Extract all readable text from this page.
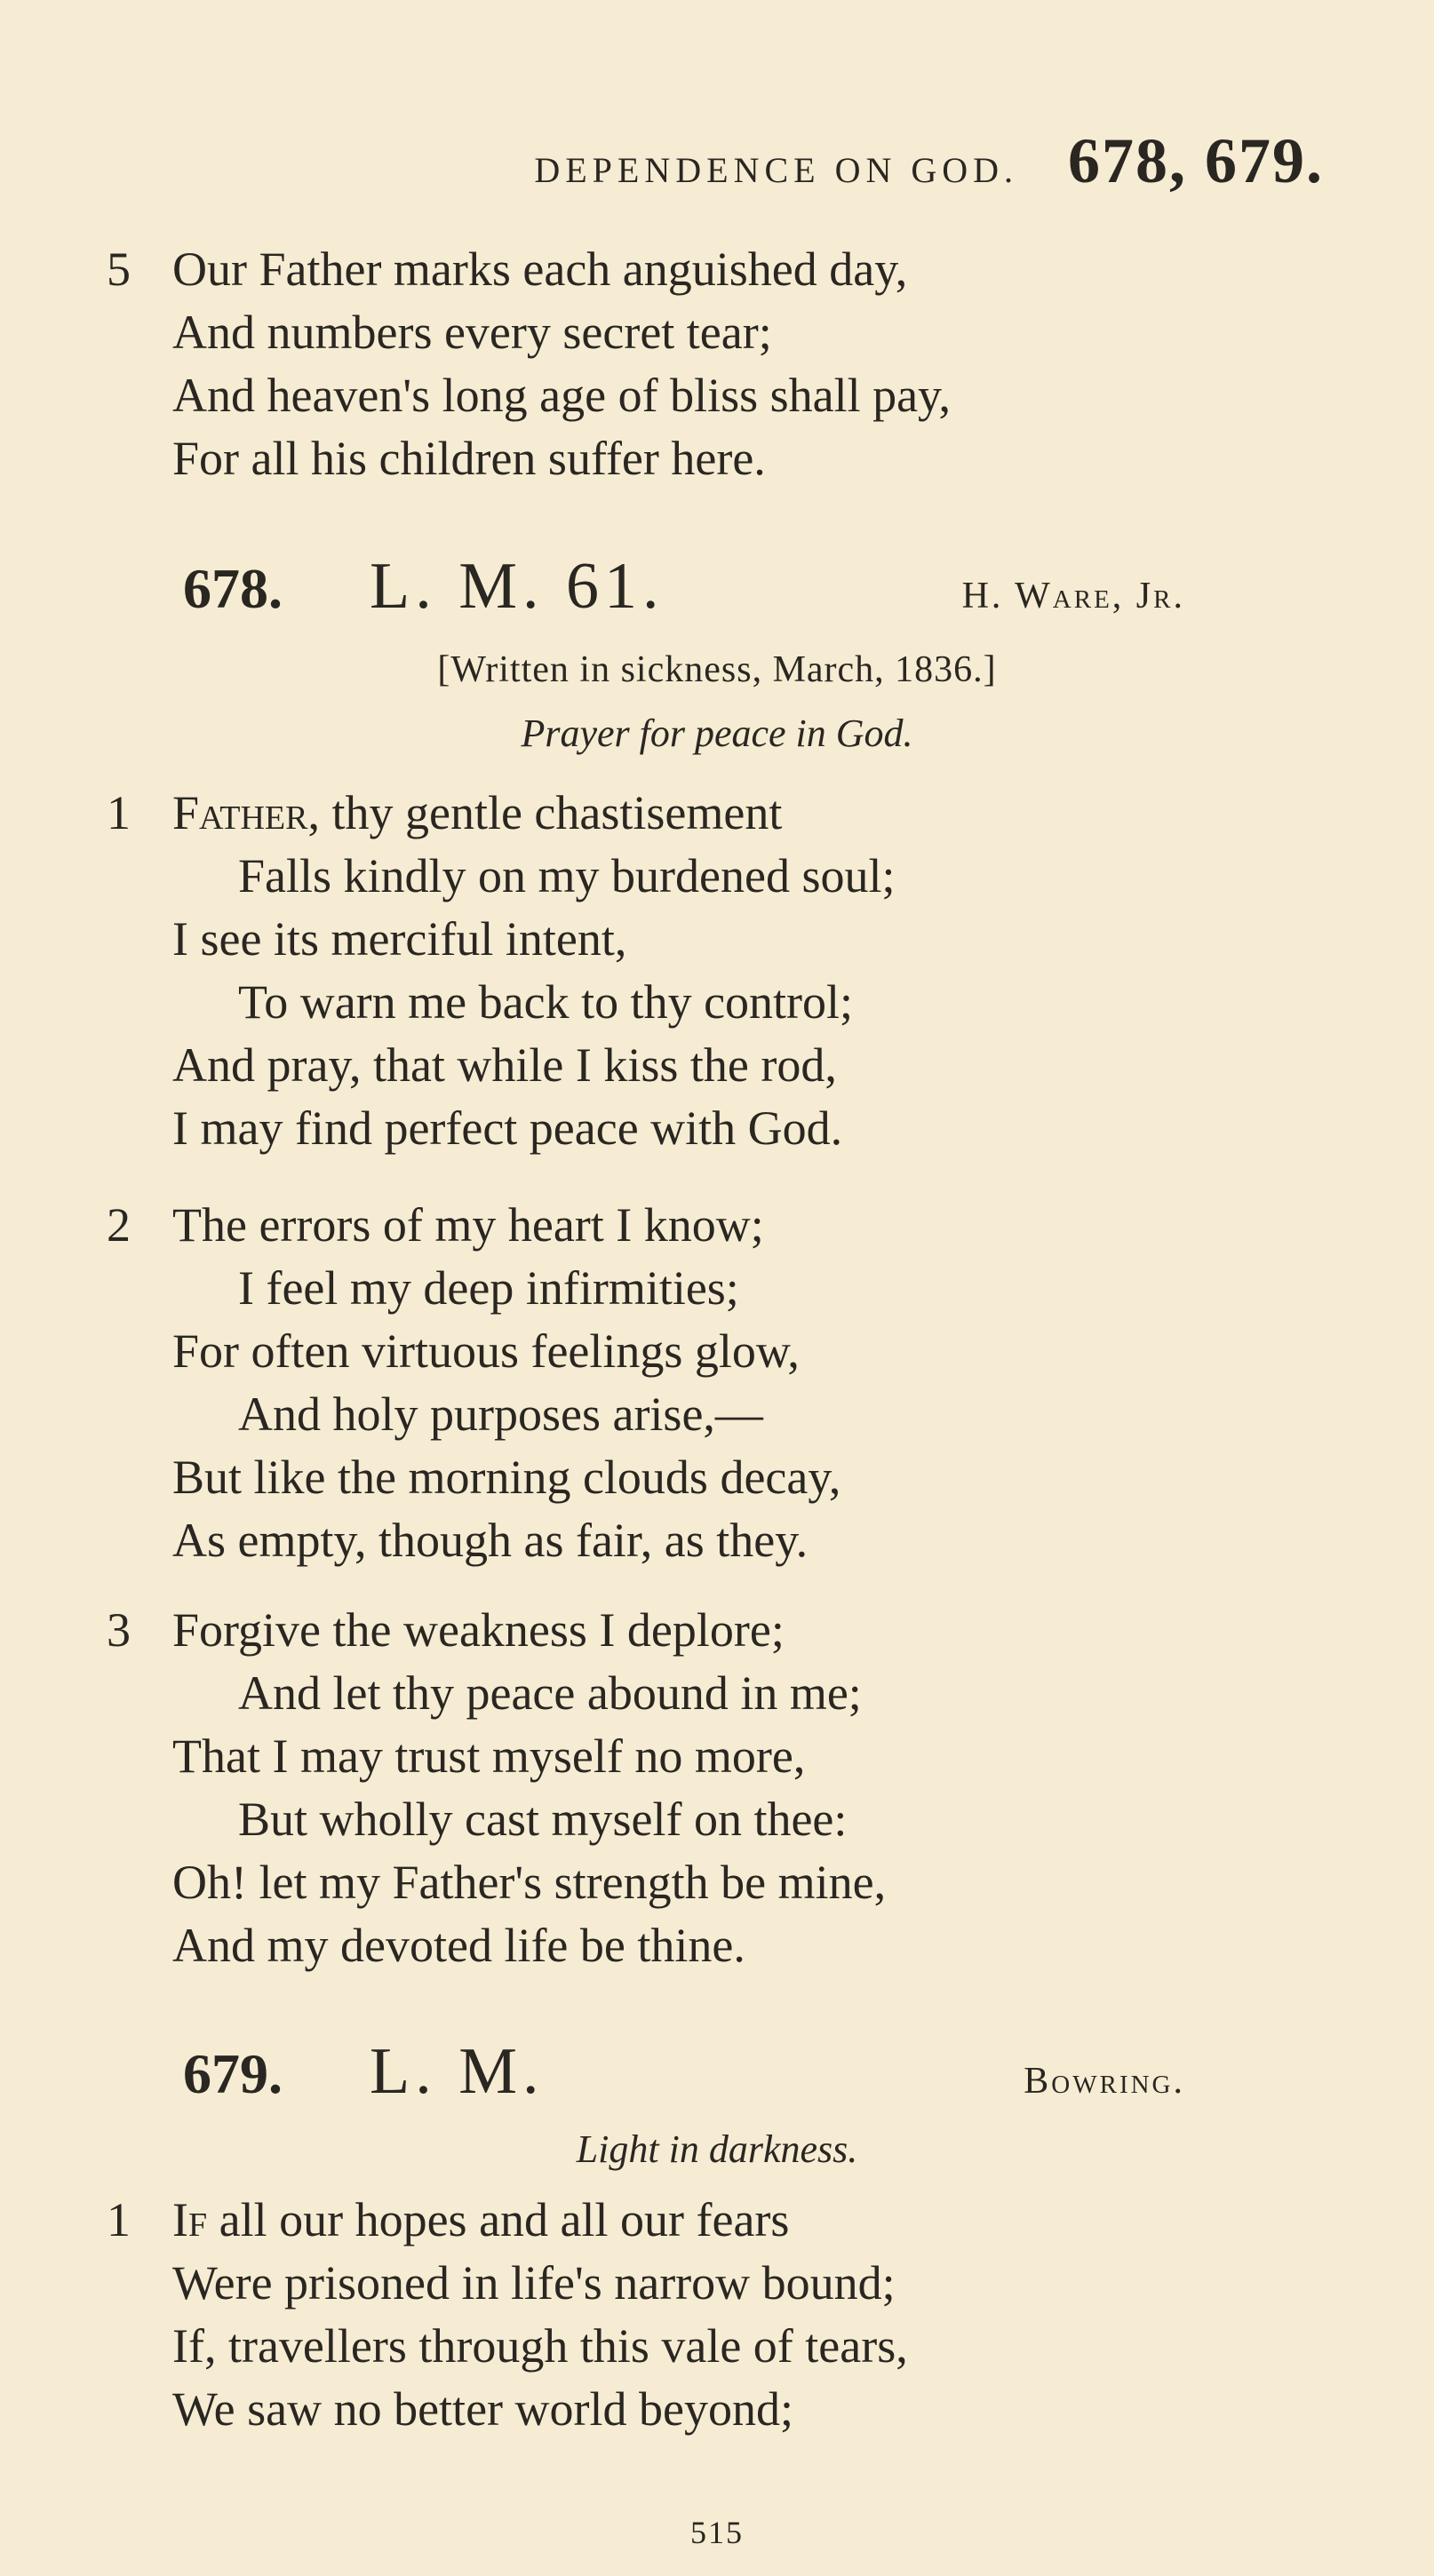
DEPENDENCE ON GOD. 678, 679.
5 Our Father marks each anguished day,
And numbers every secret tear;
And heaven's long age of bliss shall pay,
For all his children suffer here.
678.	L. M. 61.	H. Ware, Jr.
[Written in sickness, March, 1836.]
Prayer for peace in God.
1 Father, thy gentle chastisement
Falls kindly on my burdened soul;
I see its merciful intent,
To warn me back to thy control;
And pray, that while I kiss the rod,
I may find perfect peace with God.
2 The errors of my heart I know;
I feel my deep infirmities;
For often virtuous feelings glow,
And holy purposes arise,—
But like the morning clouds decay,
As empty, though as fair, as they.
3 Forgive the weakness I deplore;
And let thy peace abound in me;
That I may trust myself no more,
But wholly cast myself on thee:
Oh! let my Father's strength be mine,
And my devoted life be thine.
679.	L. M.	Bowring.
Light in darkness.
1 If all our hopes and all our fears
Were prisoned in life's narrow bound;
If, travellers through this vale of tears,
We saw no better world beyond;
515
